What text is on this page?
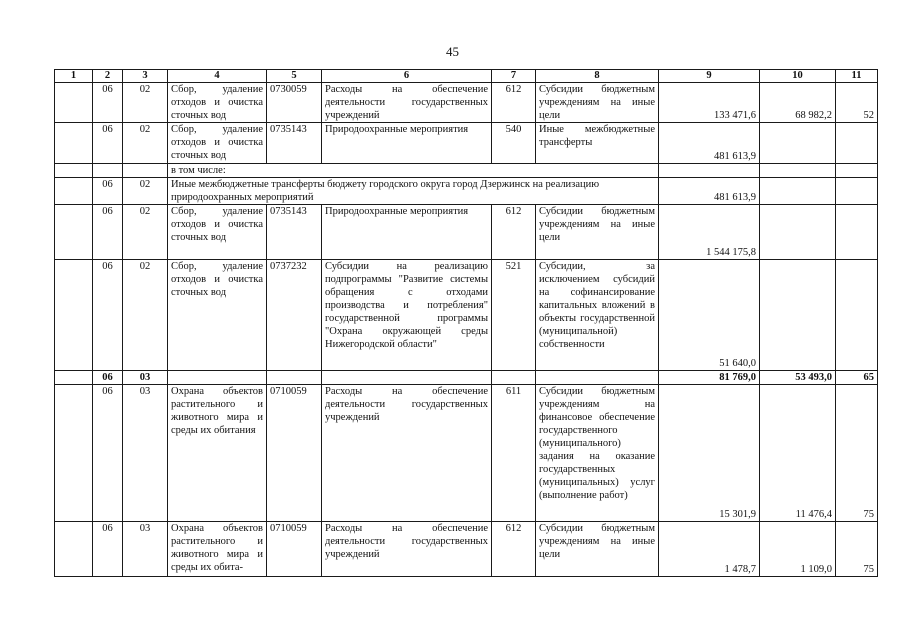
45
1	2	3	4	5	6	7	8	9	10	11
	06	02	Сбор, удаление отходов и очистка сточных вод	0730059	Расходы на обеспечение деятельности государственных учреждений	612	Субсидии бюджетным учреждениям на иные цели	133 471,6	68 982,2	52
	06	02	Сбор, удаление отходов и очистка сточных вод	0735143	Природоохранные мероприятия	540	Иные межбюджетные трансферты	481 613,9		
			в том числе:							
	06	02	Иные межбюджетные трансферты бюджету городского округа город Дзержинск на реализацию природоохранных мероприятий					481 613,9		
	06	02	Сбор, удаление отходов и очистка сточных вод	0735143	Природоохранные мероприятия	612	Субсидии бюджетным учреждениям на иные цели	1 544 175,8		
	06	02	Сбор, удаление отходов и очистка сточных вод	0737232	Субсидии на реализацию подпрограммы "Развитие системы обращения с отходами производства и потребления" государственной программы "Охрана окружающей среды Нижегородской области"	521	Субсидии, за исключением субсидий на софинансирование капитальных вложений в объекты государственной (муниципальной) собственности	51 640,0		
	06	03						81 769,0	53 493,0	65
	06	03	Охрана объектов растительного и животного мира и среды их обитания	0710059	Расходы на обеспечение деятельности государственных учреждений	611	Субсидии бюджетным учреждениям на финансовое обеспечение государственного (муниципального) задания на оказание государственных (муниципальных) услуг (выполнение работ)	15 301,9	11 476,4	75
	06	03	Охрана объектов растительного и животного мира и среды их обита-	0710059	Расходы на обеспечение деятельности государственных учреждений	612	Субсидии бюджетным учреждениям на иные цели	1 478,7	1 109,0	75
